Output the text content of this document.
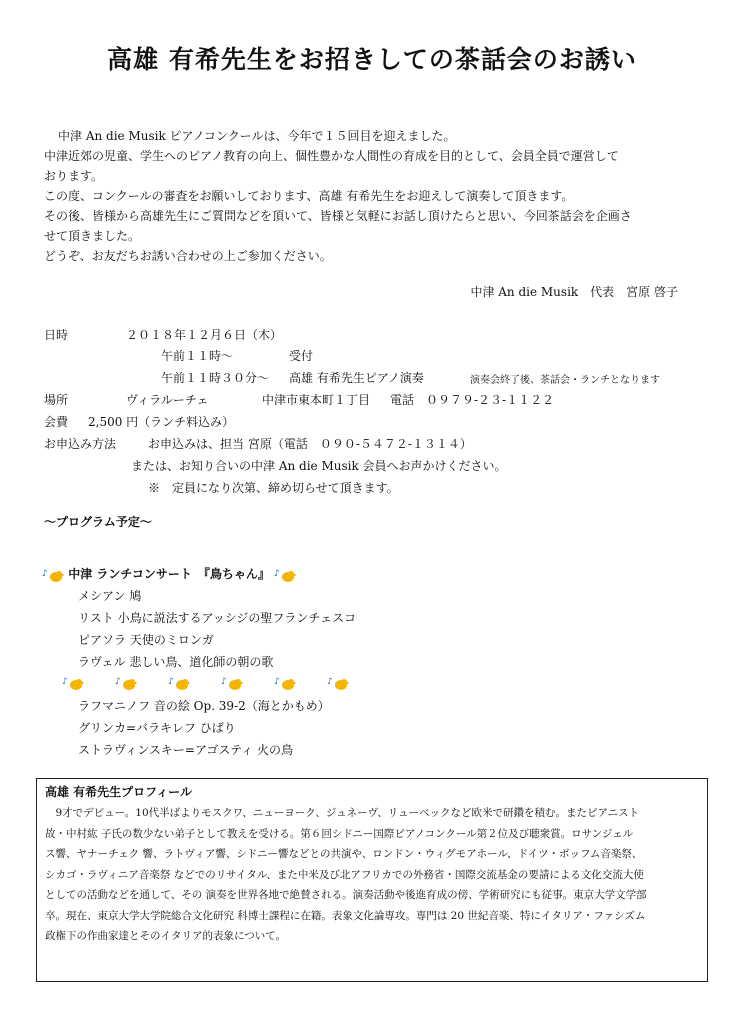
高雄 有希先生をお招きしての茶話会のお誘い
中津 An die Musik ピアノコンクールは、今年で１５回目を迎えました。
中津近郊の児童、学生へのピアノ教育の向上、個性豊かな人間性の育成を目的として、会員全員で運営して
おります。
この度、コンクールの審査をお願いしております、高雄 有希先生をお迎えして演奏して頂きます。
その後、皆様から高雄先生にご質問などを頂いて、皆様と気軽にお話し頂けたらと思い、今回茶話会を企画さ
せて頂きました。
どうぞ、お友だちお誘い合わせの上ご参加ください。
中津 An die Musik　代表　宮原 啓子
日時	２０１８年１２月６日（木）
午前１１時～	受付
午前１１時３０分～ 高雄 有希先生ピアノ演奏	演奏会終了後、茶話会・ランチとなります
場所	ヴィラルーチェ	中津市東本町１丁目 電話　０９７９-２３-１１２２
会費 2,500 円（ランチ料込み）
お申込み方法	お申込みは、担当 宮原（電話　０９０-５４７２-１３１４）
または、お知り合いの中津 An die Musik 会員へお声かけください。
※　定員になり次第、締め切らせて頂きます。
～プログラム予定～
♪ 中津 ランチコンサート　『鳥ちゃん』 ♪
メシアン 鳩
リスト 小鳥に説法するアッシジの聖フランチェスコ
ピアソラ 天使のミロンガ
ラヴェル 悲しい鳥、道化師の朝の歌
♪
	♪
	♪
	♪
	♪
	♪
ラフマニノフ 音の絵 Op. 39-2（海とかもめ）
グリンカ=バラキレフ ひばり
ストラヴィンスキー=アゴスティ 火の鳥
高雄 有希先生プロフィール
　9才でデビュー。10代半ばよりモスクワ、ニューヨーク、ジュネーヴ、リューベックなど欧米で研鑽を積む。またピアニスト
故・中村紘 子氏の数少ない弟子として教えを受ける。第６回シドニー国際ピアノコンクール第２位及び聴衆賞。ロサンジェル
ス響、ヤナーチェク 響、ラトヴィア響、シドニー響などとの共演や、ロンドン・ウィグモアホール、ドイツ・ボッフム音楽祭、
シカゴ・ラヴィニア音楽祭 などでのリサイタル、また中米及び北アフリカでの外務省・国際交流基金の要請による文化交流大使
としての活動などを通して、その 演奏を世界各地で絶賛される。演奏活動や後進育成の傍、学術研究にも従事。東京大学文学部
卒。現在、東京大学大学院総合文化研究 科博士課程に在籍。表象文化論専攻。専門は 20 世紀音楽、特にイタリア・ファシズム
政権下の作曲家達とそのイタリア的表象について。
